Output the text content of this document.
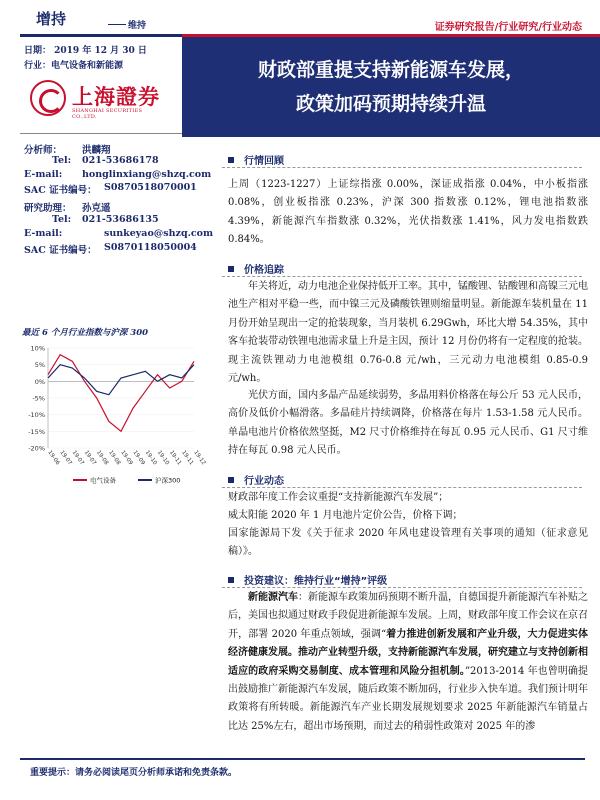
增持	维持	证券研究报告/行业研究/行业动态
日期： 2019 年 12 月 30 日
行业：电气设备和新能源
上海證券
SHANGHAI SECURITIES CO.,LTD.
财政部重提支持新能源车发展，
政策加码预期持续升温
分析师： 洪麟翔
Tel: 021-53686178
E-mail: honglinxiang@shzq.com
SAC 证书编号： S0870518070001
研究助理： 孙克遥
Tel: 021-53686135
E-mail:	sunkeyao@shzq.com
SAC 证书编号： S0870118050004
最近 6 个月行业指数与沪深 300
10%
5%
0%
-5%
-10%
-15%
-20%
19-06
19-07
19-07
19-07
19-08
19-08
19-09
19-09
19-10
19-10
19-11
19-11
19-12
电气设备	沪深300
行情回顾
上周（1223-1227）上证综指涨 0.00%，深证成指涨 0.04%，中小板指涨 0.08%，创业板指涨 0.23%，沪深 300 指数涨 0.12%，锂电池指数涨 4.39%，新能源汽车指数涨 0.32%，光伏指数涨 1.41%，风力发电指数跌 0.84%。
价格追踪
年关将近，动力电池企业保持低开工率。其中，锰酸锂、钴酸锂和高镍三元电池生产相对平稳一些，而中镍三元及磷酸铁锂则缩量明显。新能源车装机量在 11 月份开始呈现出一定的抢装现象，当月装机 6.29Gwh，环比大增 54.35%，其中客车抢装带动铁锂电池需求量上升是主因，预计 12 月份仍将有一定程度的抢装。现主流铁锂动力电池模组 0.76-0.8 元/wh，三元动力电池模组 0.85-0.9 元/wh。
光伏方面，国内多晶产品延续弱势，多晶用料价格落在每公斤 53 元人民币，高价及低价小幅滑落。多晶硅片持续调降，价格落在每片 1.53-1.58 元人民币。单晶电池片价格依然坚挺，M2 尺寸价格维持在每瓦 0.95 元人民币、G1 尺寸维持在每瓦 0.98 元人民币。
行业动态
财政部年度工作会议重提“支持新能源汽车发展”；
威太阳能 2020 年 1 月电池片定价公告，价格下调；
国家能源局下发《关于征求 2020 年风电建设管理有关事项的通知（征求意见稿）》。
投资建议：维持行业“增持”评级
新能源汽车：新能源车政策加码预期不断升温，自德国提升新能源汽车补贴之后，美国也拟通过财政手段促进新能源车发展。上周，财政部年度工作会议在京召开，部署 2020 年重点领域，强调“着力推进创新发展和产业升级，大力促进实体经济健康发展。推动产业转型升级，支持新能源汽车发展，研究建立与支持创新相适应的政府采购交易制度、成本管理和风险分担机制。”2013-2014 年也曾明确提出鼓励推广新能源汽车发展，随后政策不断加码，行业步入快车道。我们预计明年政策将有所转暖。新能源汽车产业长期发展规划要求 2025 年新能源汽车销量占比达 25%左右，超出市场预期，而过去的稍弱性政策对 2025 年的渗
重要提示：请务必阅读尾页分析师承诺和免责条款。
